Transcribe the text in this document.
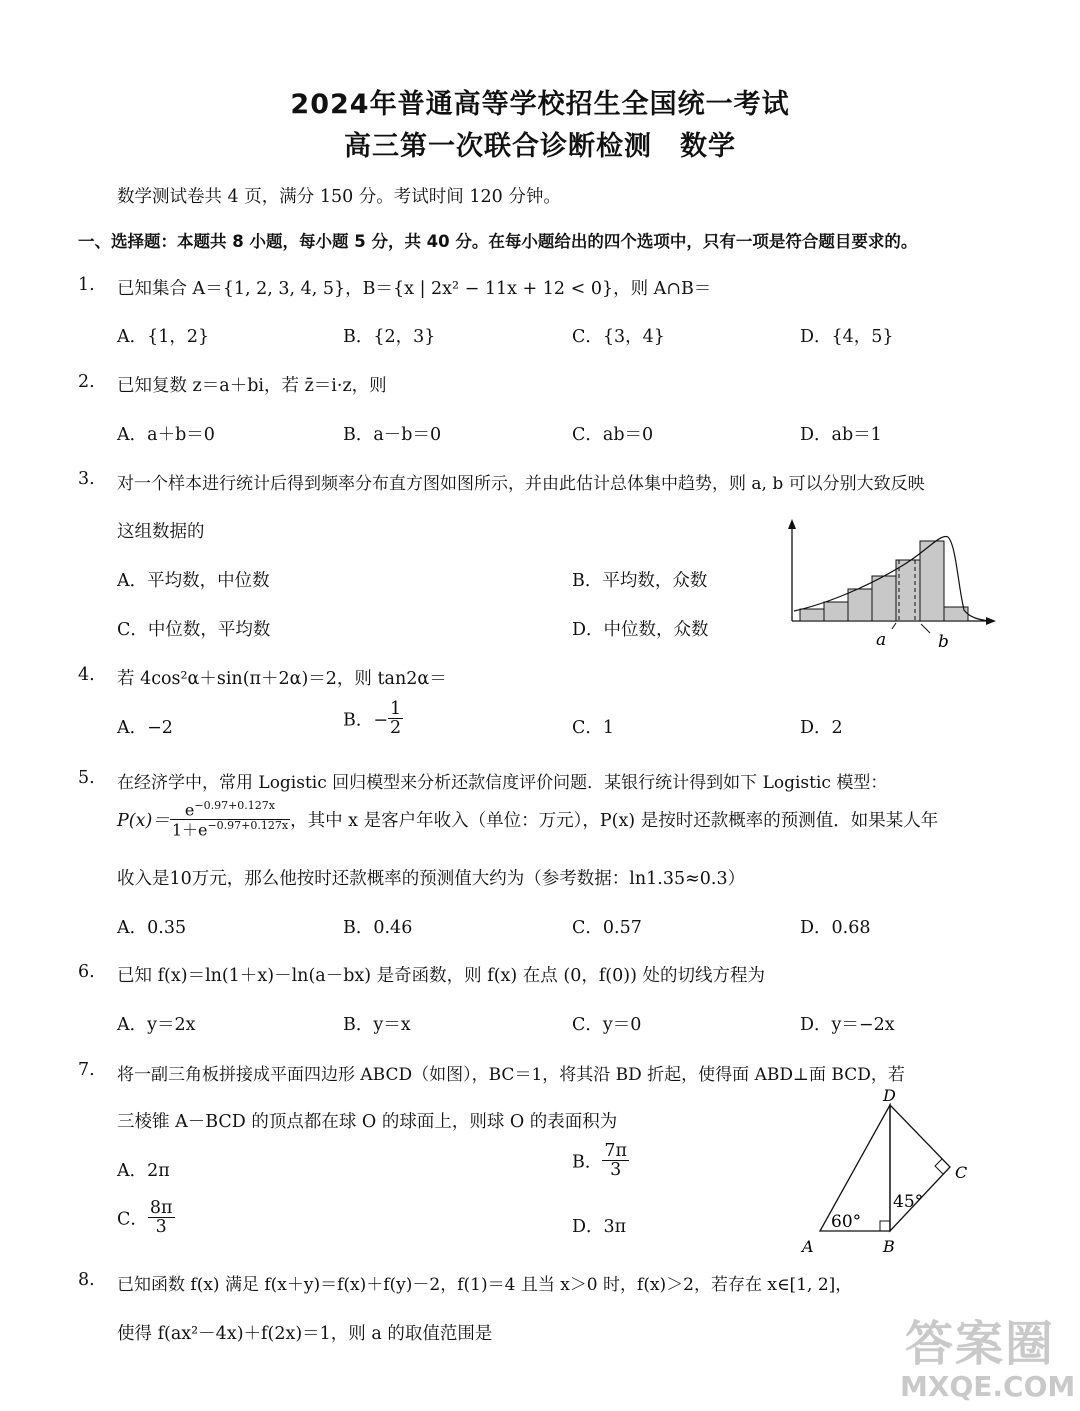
2024年普通高等学校招生全国统一考试
高三第一次联合诊断检测　数学
数学测试卷共 4 页，满分 150 分。考试时间 120 分钟。
一、选择题：本题共 8 小题，每小题 5 分，共 40 分。在每小题给出的四个选项中，只有一项是符合题目要求的。
1. 已知集合 A＝{1, 2, 3, 4, 5}，B＝{x | 2x² − 11x + 12 < 0}，则 A∩B＝
A．{1，2}	B．{2，3}	C．{3，4}	D．{4，5}
2. 已知复数 z＝a＋bi，若 z̄＝i·z，则
A．a＋b＝0	B．a－b＝0	C．ab＝0	D．ab＝1
3. 对一个样本进行统计后得到频率分布直方图如图所示，并由此估计总体集中趋势，则 a, b 可以分别大致反映
这组数据的
A．平均数，中位数	B．平均数，众数
C．中位数，平均数	D．中位数，众数	a	b
4. 若 4cos²α＋sin(π＋2α)＝2，则 tan2α＝
A．−2	B．− $\frac{1}{2}$	C．1	D．2
5. 在经济学中，常用 Logistic 回归模型来分析还款信度评价问题．某银行统计得到如下 Logistic 模型：
$P(x)= \frac{e^{-0.97+0.127x}}{1+e^{-0.97+0.127x}}$ ，其中 x 是客户年收入（单位：万元），P(x) 是按时还款概率的预测值．如果某人年
收入是10万元，那么他按时还款概率的预测值大约为（参考数据：ln1.35≈0.3）
A．0.35	B．0.46	C．0.57	D．0.68
6. 已知 f(x)＝ln(1＋x)－ln(a－bx) 是奇函数，则 f(x) 在点 (0，f(0)) 处的切线方程为
A．y＝2x	B．y＝x	C．y＝0	D．y＝−2x
7. 将一副三角板拼接成平面四边形 ABCD（如图），BC＝1，将其沿 BD 折起，使得面 ABD⊥面 BCD，若
三棱锥 A－BCD 的顶点都在球 O 的球面上，则球 O 的表面积为
A．2π	B． $\frac{7\pi}{3}$
C． $\frac{8\pi}{3}$	D．3π
D
C
A	B
60°
45°
8. 已知函数 f(x) 满足 f(x＋y)＝f(x)＋f(y)－2，f(1)＝4 且当 x＞0 时，f(x)＞2，若存在 x∈[1, 2]，
使得 f(ax²－4x)＋f(2x)＝1，则 a 的取值范围是	答案圈
MXQE.COM
